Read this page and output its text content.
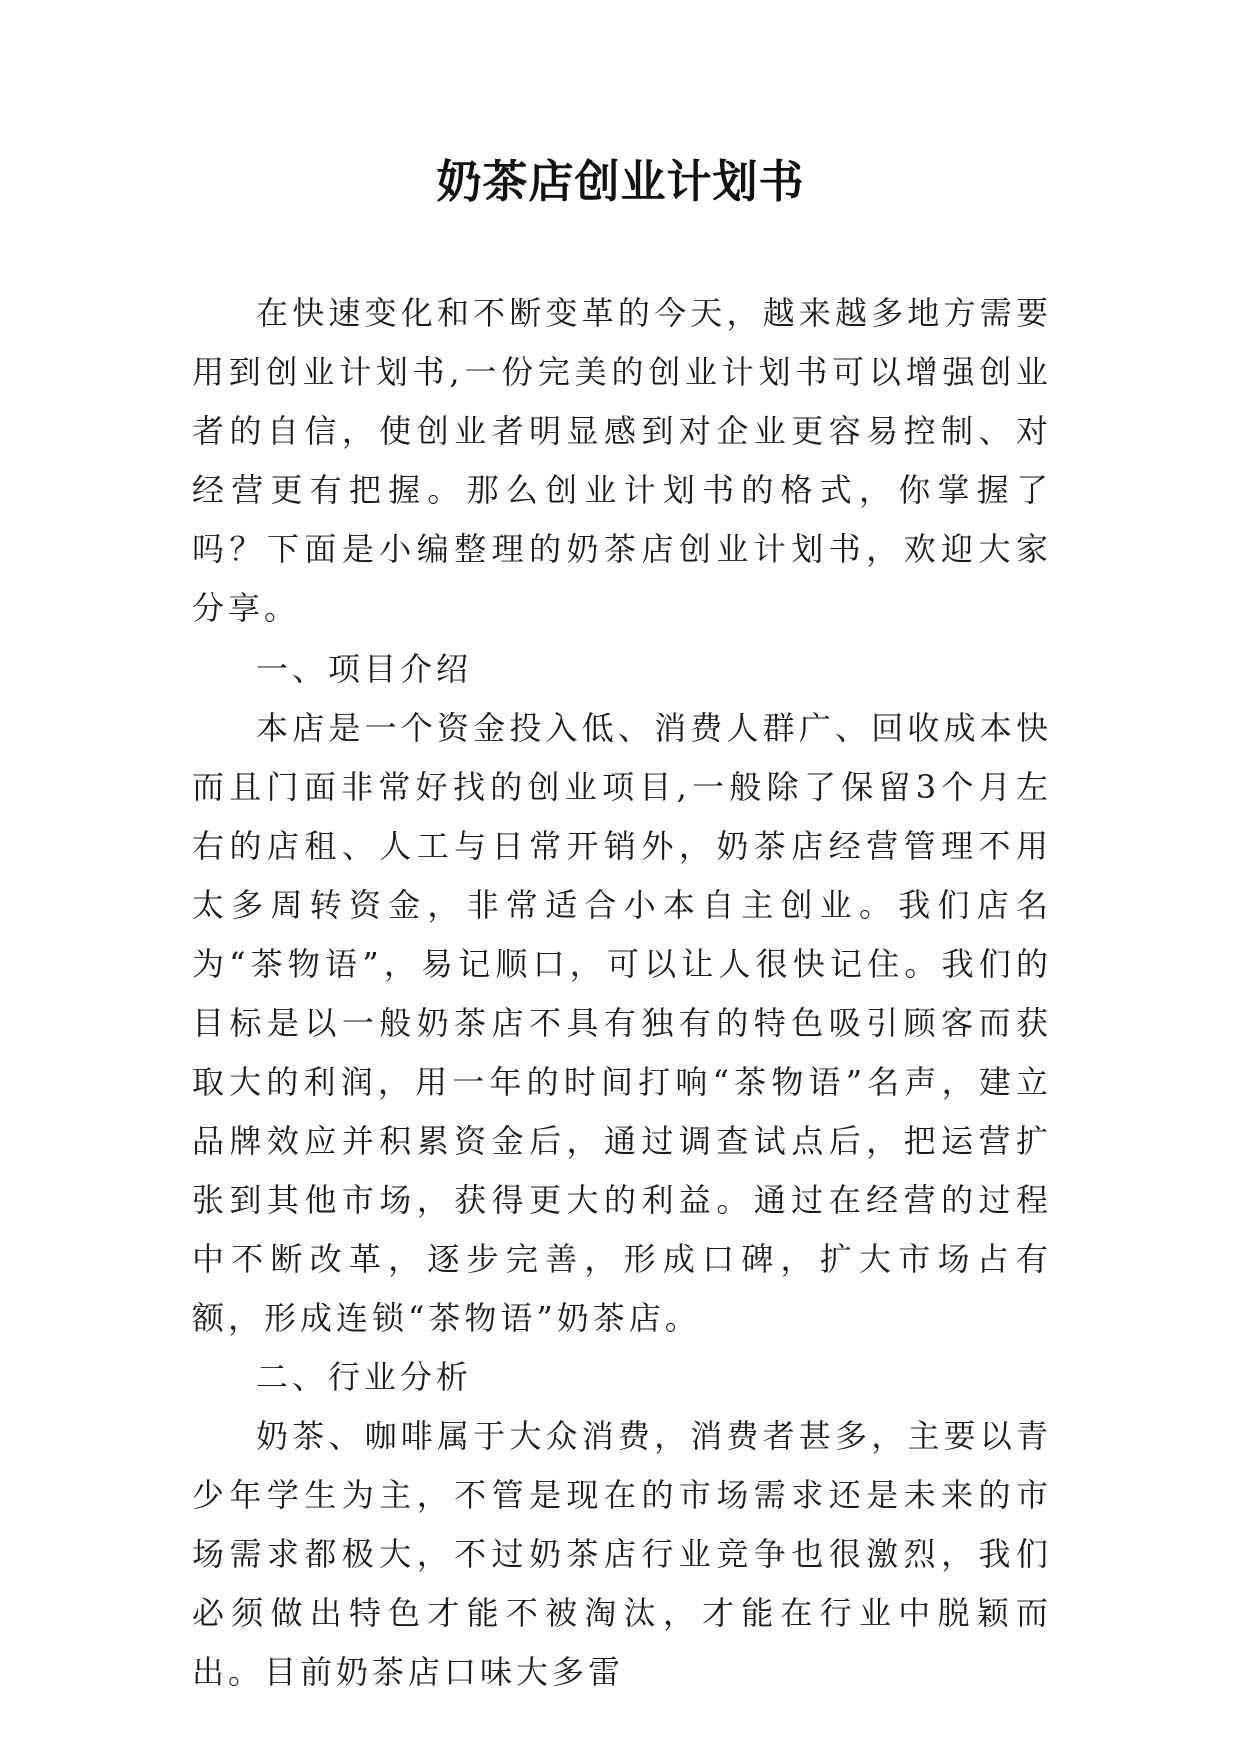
奶茶店创业计划书

在快速变化和不断变革的今天，越来越多地方需要用到创业计划书,一份完美的创业计划书可以增强创业者的自信，使创业者明显感到对企业更容易控制、对经营更有把握。那么创业计划书的格式，你掌握了吗？下面是小编整理的奶茶店创业计划书，欢迎大家分享。

一、项目介绍

本店是一个资金投入低、消费人群广、回收成本快而且门面非常好找的创业项目,一般除了保留3个月左右的店租、人工与日常开销外，奶茶店经营管理不用太多周转资金，非常适合小本自主创业。我们店名为“茶物语”，易记顺口，可以让人很快记住。我们的目标是以一般奶茶店不具有独有的特色吸引顾客而获取大的利润，用一年的时间打响“茶物语”名声，建立品牌效应并积累资金后，通过调查试点后，把运营扩张到其他市场，获得更大的利益。通过在经营的过程中不断改革，逐步完善，形成口碑，扩大市场占有额，形成连锁“茶物语”奶茶店。

二、行业分析

奶茶、咖啡属于大众消费，消费者甚多，主要以青少年学生为主，不管是现在的市场需求还是未来的市场需求都极大，不过奶茶店行业竞争也很激烈，我们必须做出特色才能不被淘汰，才能在行业中脱颖而出。目前奶茶店口味大多雷
